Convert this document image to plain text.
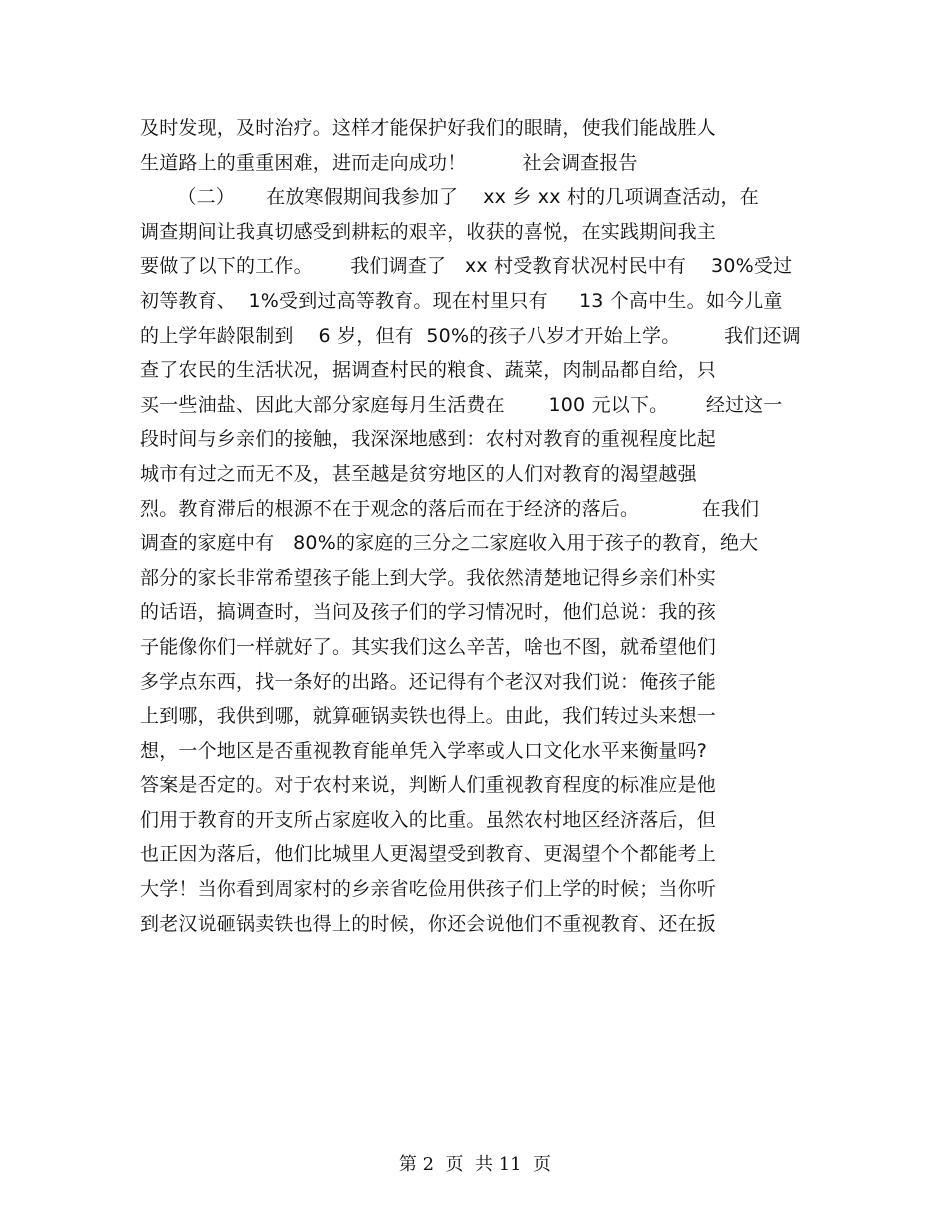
及时发现，及时治疗。这样才能保护好我们的眼睛，使我们能战胜人
生道路上的重重困难，进而走向成功！         社会调查报告
（二）     在放寒假期间我参加了    xx 乡 xx 村的几项调查活动，在
调查期间让我真切感受到耕耘的艰辛，收获的喜悦，在实践期间我主
要做了以下的工作。      我们调查了   xx 村受教育状况村民中有    30%受过
初等教育、  1%受到过高等教育。现在村里只有     13 个高中生。如今儿童
的上学年龄限制到    6 岁，但有  50%的孩子八岁才开始上学。       我们还调
查了农民的生活状况，据调查村民的粮食、蔬菜，肉制品都自给，只
买一些油盐、因此大部分家庭每月生活费在       100 元以下。      经过这一
段时间与乡亲们的接触，我深深地感到：农村对教育的重视程度比起
城市有过之而无不及，甚至越是贫穷地区的人们对教育的渴望越强
烈。教育滞后的根源不在于观念的落后而在于经济的落后。          在我们
调查的家庭中有   80%的家庭的三分之二家庭收入用于孩子的教育，绝大
部分的家长非常希望孩子能上到大学。我依然清楚地记得乡亲们朴实
的话语，搞调查时，当问及孩子们的学习情况时，他们总说：我的孩
子能像你们一样就好了。其实我们这么辛苦，啥也不图，就希望他们
多学点东西，找一条好的出路。还记得有个老汉对我们说：俺孩子能
上到哪，我供到哪，就算砸锅卖铁也得上。由此，我们转过头来想一
想，一个地区是否重视教育能单凭入学率或人口文化水平来衡量吗?
答案是否定的。对于农村来说，判断人们重视教育程度的标准应是他
们用于教育的开支所占家庭收入的比重。虽然农村地区经济落后，但
也正因为落后，他们比城里人更渴望受到教育、更渴望个个都能考上
大学！当你看到周家村的乡亲省吃俭用供孩子们上学的时候；当你听
到老汉说砸锅卖铁也得上的时候，你还会说他们不重视教育、还在扳
第 2  页  共 11  页
